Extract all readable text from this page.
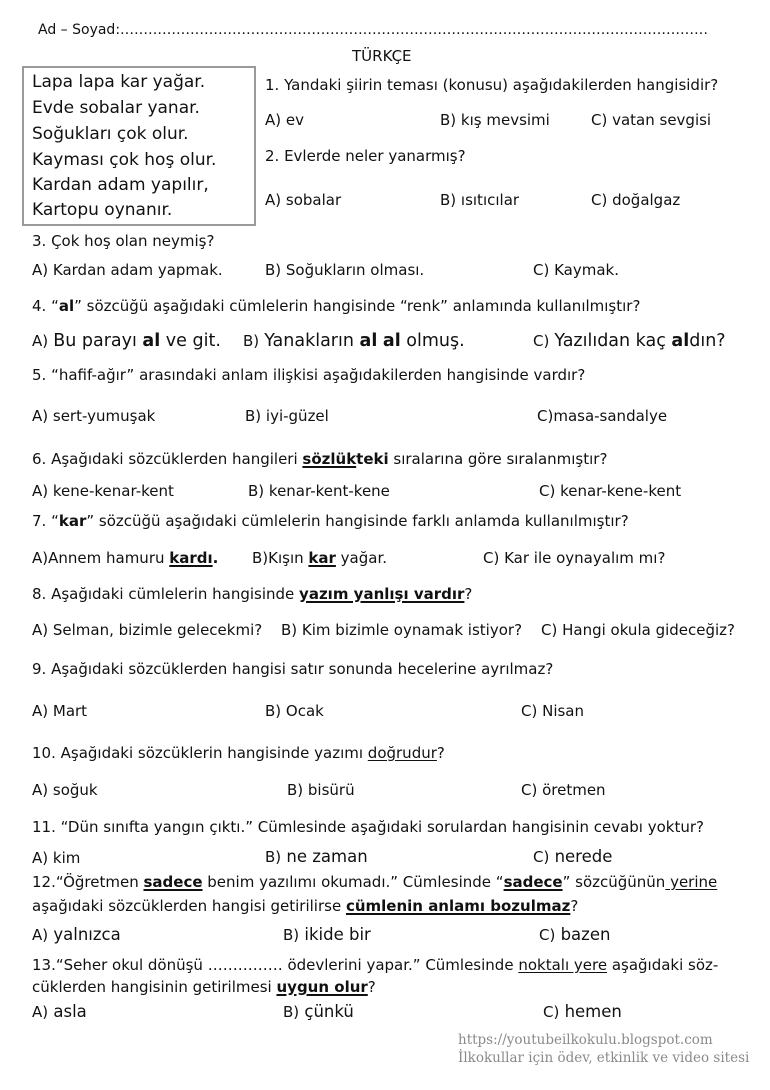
Ad – Soyad:………………………………………………………………………………………………………………
TÜRKÇE
Lapa lapa kar yağar.
Evde sobalar yanar.
Soğukları çok olur.
Kayması çok hoş olur.
Kardan adam yapılır,
Kartopu oynanır.
1. Yandaki şiirin teması (konusu) aşağıdakilerden hangisidir?
A) ev	B) kış mevsimi	C) vatan sevgisi
2. Evlerde neler yanarmış?
A) sobalar	B) ısıtıcılar	C) doğalgaz
3. Çok hoş olan neymiş?
A) Kardan adam yapmak.	B) Soğukların olması.	C) Kaymak.
4. “al” sözcüğü aşağıdaki cümlelerin hangisinde “renk” anlamında kullanılmıştır?
A) Bu parayı al ve git. B) Yanakların al al olmuş.	C) Yazılıdan kaç aldın?
5. “hafif-ağır” arasındaki anlam ilişkisi aşağıdakilerden hangisinde vardır?
A) sert-yumuşak	B) iyi-güzel	C)masa-sandalye
6. Aşağıdaki sözcüklerden hangileri sözlükteki sıralarına göre sıralanmıştır?
A) kene-kenar-kent	B) kenar-kent-kene	C) kenar-kene-kent
7. “kar” sözcüğü aşağıdaki cümlelerin hangisinde farklı anlamda kullanılmıştır?
A)Annem hamuru kardı. B)Kışın kar yağar.	C) Kar ile oynayalım mı?
8. Aşağıdaki cümlelerin hangisinde yazım yanlışı vardır?
A) Selman, bizimle gelecekmi? B) Kim bizimle oynamak istiyor? C) Hangi okula gideceğiz?
9. Aşağıdaki sözcüklerden hangisi satır sonunda hecelerine ayrılmaz?
A) Mart	B) Ocak	C) Nisan
10. Aşağıdaki sözcüklerin hangisinde yazımı doğrudur?
A) soğuk	B) bisürü	C) öretmen
11. “Dün sınıfta yangın çıktı.” Cümlesinde aşağıdaki sorulardan hangisinin cevabı yoktur?
A) kim	B) ne zaman	C) nerede
12.“Öğretmen sadece benim yazılımı okumadı.” Cümlesinde “sadece” sözcüğünün yerine
aşağıdaki sözcüklerden hangisi getirilirse cümlenin anlamı bozulmaz?
A) yalnızca	B) ikide bir	C) bazen
13.“Seher okul dönüşü …………… ödevlerini yapar.” Cümlesinde noktalı yere aşağıdaki söz-
cüklerden hangisinin getirilmesi uygun olur?
A) asla	B) çünkü	C) hemen
https://youtubeilkokulu.blogspot.com
İlkokullar için ödev, etkinlik ve video sitesi
